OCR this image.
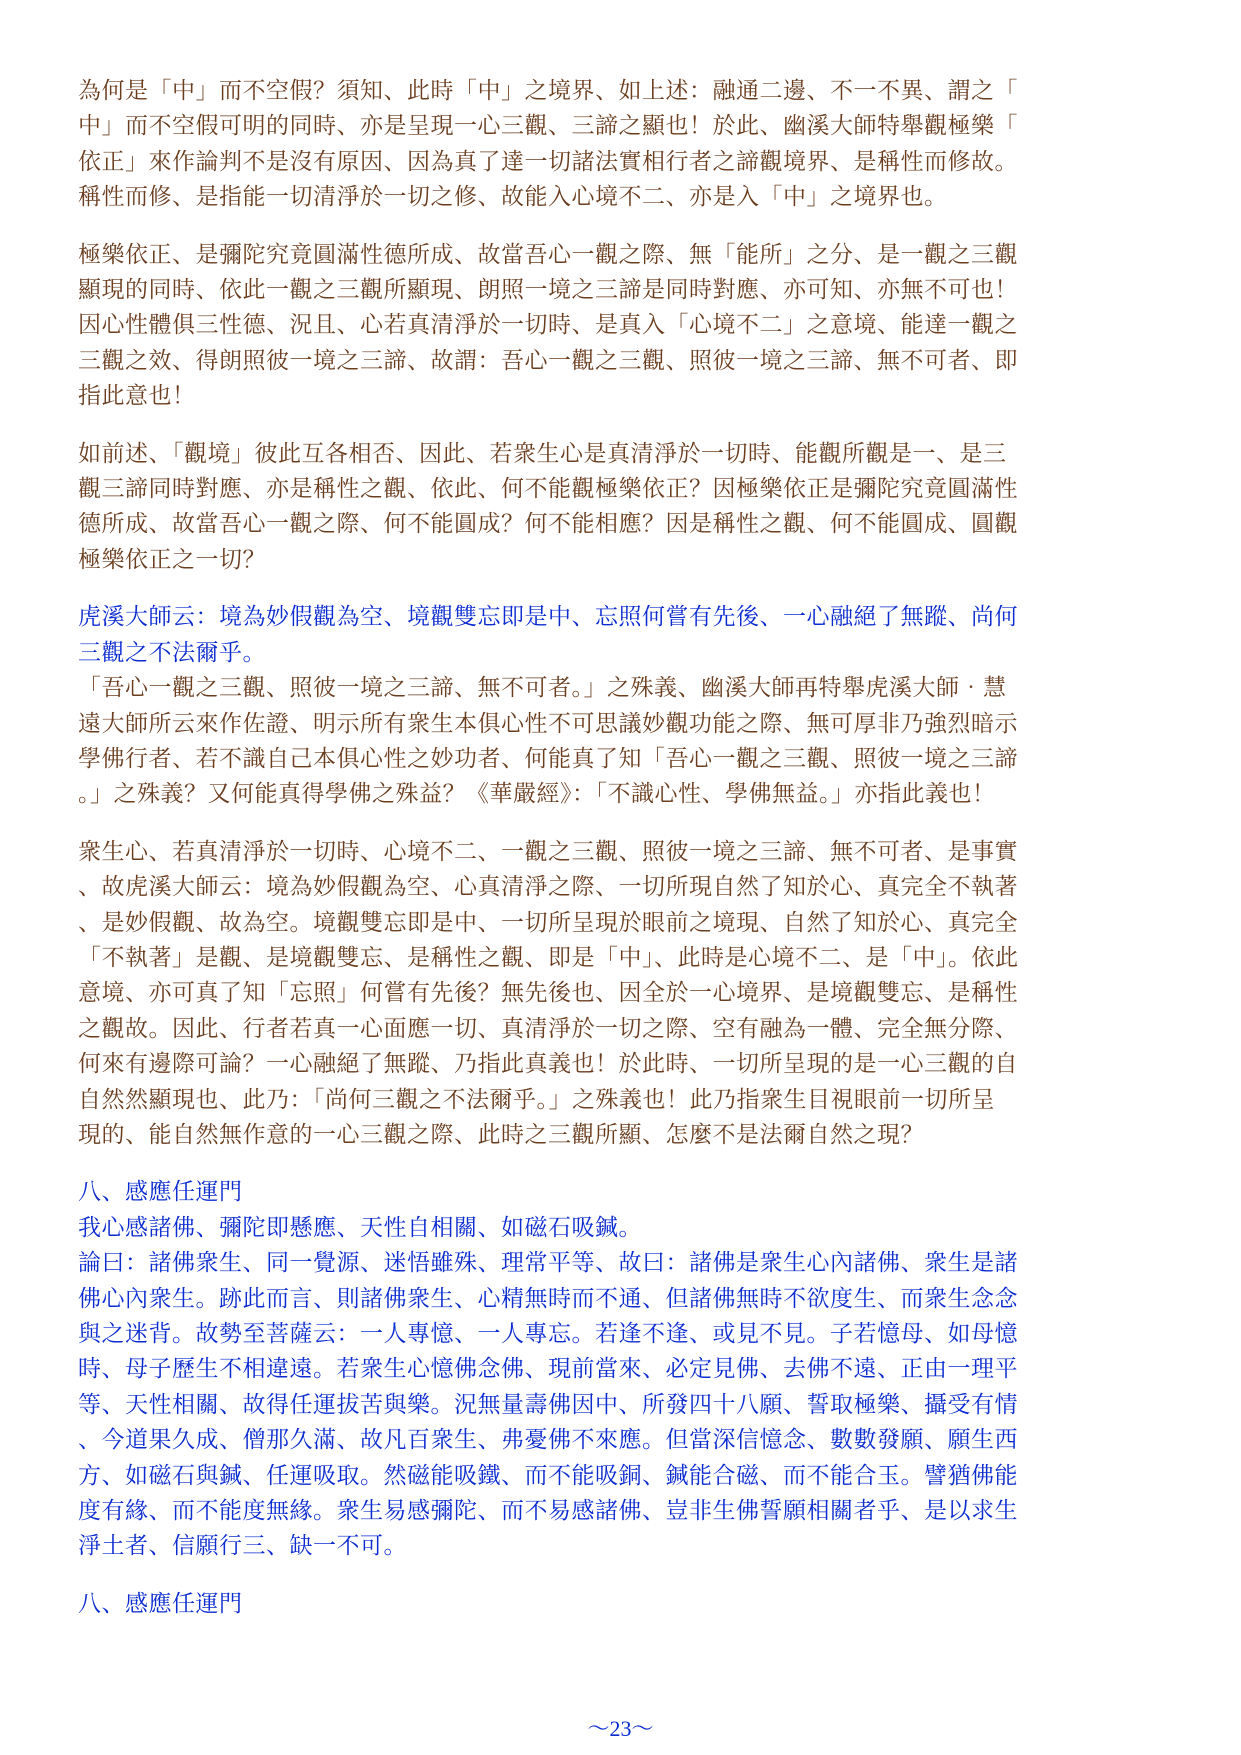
為何是「中」而不空假？須知、此時「中」之境界、如上述：融通二邊、不一不異、謂之「
中」而不空假可明的同時、亦是呈現一心三觀、三諦之顯也！於此、幽溪大師特舉觀極樂「
依正」來作論判不是沒有原因、因為真了達一切諸法實相行者之諦觀境界、是稱性而修故。
稱性而修、是指能一切清淨於一切之修、故能入心境不二、亦是入「中」之境界也。

極樂依正、是彌陀究竟圓滿性德所成、故當吾心一觀之際、無「能所」之分、是一觀之三觀
顯現的同時、依此一觀之三觀所顯現、朗照一境之三諦是同時對應、亦可知、亦無不可也！
因心性體俱三性德、況且、心若真清淨於一切時、是真入「心境不二」之意境、能達一觀之
三觀之效、得朗照彼一境之三諦、故謂：吾心一觀之三觀、照彼一境之三諦、無不可者、即
指此意也！

如前述、「觀境」彼此互各相否、因此、若衆生心是真清淨於一切時、能觀所觀是一、是三
觀三諦同時對應、亦是稱性之觀、依此、何不能觀極樂依正？因極樂依正是彌陀究竟圓滿性
德所成、故當吾心一觀之際、何不能圓成？何不能相應？因是稱性之觀、何不能圓成、圓觀
極樂依正之一切？

虎溪大師云：境為妙假觀為空、境觀雙忘即是中、忘照何嘗有先後、一心融絕了無蹤、尚何
三觀之不法爾乎。

「吾心一觀之三觀、照彼一境之三諦、無不可者。」之殊義、幽溪大師再特舉虎溪大師‧慧
遠大師所云來作佐證、明示所有衆生本俱心性不可思議妙觀功能之際、無可厚非乃強烈暗示
學佛行者、若不識自己本俱心性之妙功者、何能真了知「吾心一觀之三觀、照彼一境之三諦
。」之殊義？又何能真得學佛之殊益？《華嚴經》：「不識心性、學佛無益。」亦指此義也！

衆生心、若真清淨於一切時、心境不二、一觀之三觀、照彼一境之三諦、無不可者、是事實
、故虎溪大師云：境為妙假觀為空、心真清淨之際、一切所現自然了知於心、真完全不執著
、是妙假觀、故為空。境觀雙忘即是中、一切所呈現於眼前之境現、自然了知於心、真完全
「不執著」是觀、是境觀雙忘、是稱性之觀、即是「中」、此時是心境不二、是「中」。依此
意境、亦可真了知「忘照」何嘗有先後？無先後也、因全於一心境界、是境觀雙忘、是稱性
之觀故。因此、行者若真一心面應一切、真清淨於一切之際、空有融為一體、完全無分際、
何來有邊際可論？一心融絕了無蹤、乃指此真義也！於此時、一切所呈現的是一心三觀的自
自然然顯現也、此乃：「尚何三觀之不法爾乎。」之殊義也！此乃指衆生目視眼前一切所呈
現的、能自然無作意的一心三觀之際、此時之三觀所顯、怎麼不是法爾自然之現？

八、感應任運門
我心感諸佛、彌陀即懸應、天性自相關、如磁石吸鍼。
論曰：諸佛衆生、同一覺源、迷悟雖殊、理常平等、故曰：諸佛是衆生心內諸佛、衆生是諸
佛心內衆生。跡此而言、則諸佛衆生、心精無時而不通、但諸佛無時不欲度生、而衆生念念
與之迷背。故勢至菩薩云：一人專憶、一人專忘。若逢不逢、或見不見。子若憶母、如母憶
時、母子歷生不相違遠。若衆生心憶佛念佛、現前當來、必定見佛、去佛不遠、正由一理平
等、天性相關、故得任運拔苦與樂。況無量壽佛因中、所發四十八願、誓取極樂、攝受有情
、今道果久成、僧那久滿、故凡百衆生、弗憂佛不來應。但當深信憶念、數數發願、願生西
方、如磁石與鍼、任運吸取。然磁能吸鐵、而不能吸銅、鍼能合磁、而不能合玉。譬猶佛能
度有緣、而不能度無緣。衆生易感彌陀、而不易感諸佛、豈非生佛誓願相關者乎、是以求生
淨土者、信願行三、缺一不可。

八、感應任運門

～23～
